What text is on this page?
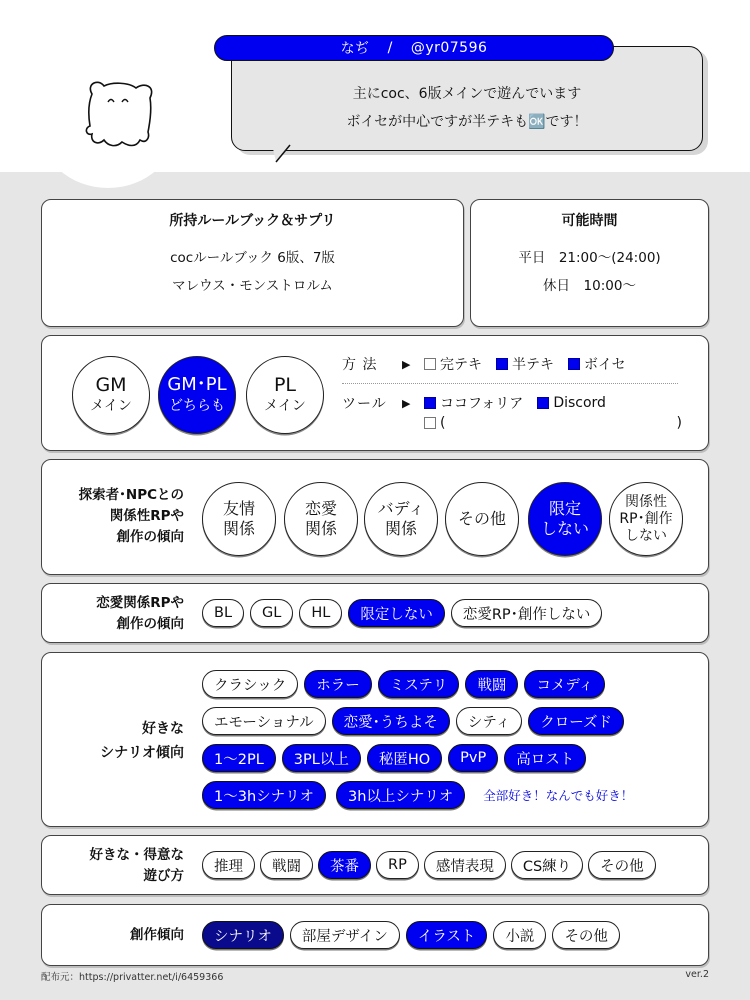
主にcoc、6版メインで遊んでいます
ボイセが中心ですが半テキも🆗です！
なぢ / @yr07596
所持ルールブック＆サプリ
cocルールブック 6版、7版
マレウス・モンストロルム
可能時間
平日　21:00〜(24:00)
休日　10:00〜
GM
メイン
GM･PL
どちらも
PL
メイン
方 法	▶	完テキ 半テキ ボイセ
ツール	▶	ココフォリア Discord
(	)
探索者･NPCとの
関係性RPや
創作の傾向
友情
関係
恋愛
関係
バディ
関係
その他
限定
しない
関係性
RP･創作
しない
恋愛関係RPや
創作の傾向
BL	GL	HL	限定しない	恋愛RP･創作しない
好きな
シナリオ傾向
クラシック	ホラー	ミステリ	戦闘	コメディ
エモーショナル	恋愛･うちよそ	シティ	クローズド
1〜2PL	3PL以上	秘匿HO	PvP	高ロスト
1〜3hシナリオ	3h以上シナリオ	全部好き！なんでも好き！
好きな・得意な
遊び方
推理	戦闘	茶番	RP	感情表現	CS練り	その他
創作傾向	シナリオ	部屋デザイン	イラスト	小説	その他
配布元：https://privatter.net/i/6459366	ver.2
